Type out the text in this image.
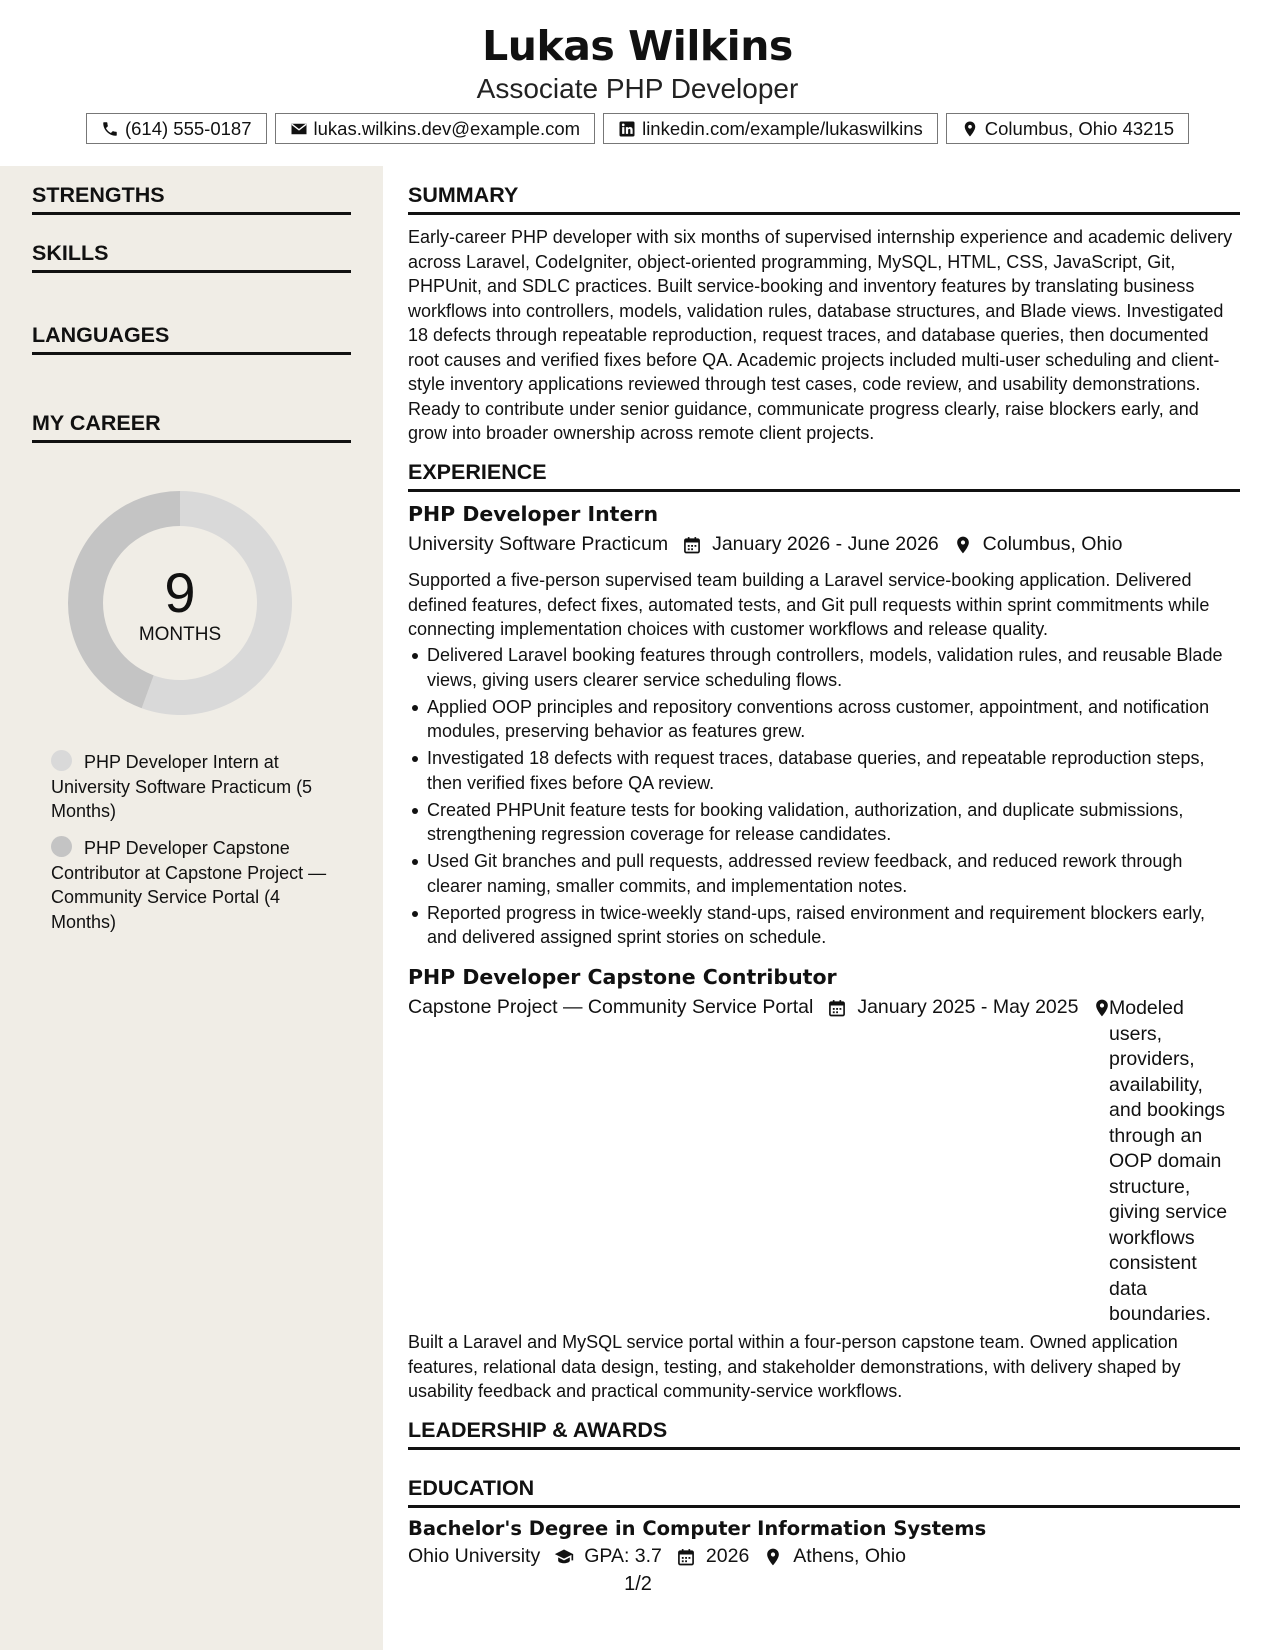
Lukas Wilkins
Associate PHP Developer
(614) 555-0187	lukas.wilkins.dev@example.com	linkedin.com/example/lukaswilkins	Columbus, Ohio 43215
STRENGTHS
SKILLS
LANGUAGES
MY CAREER
9
MONTHS
PHP Developer Intern at University Software Practicum (5 Months)
PHP Developer Capstone Contributor at Capstone Project — Community Service Portal (4 Months)
SUMMARY
Early-career PHP developer with six months of supervised internship experience and academic delivery across Laravel, CodeIgniter, object-oriented programming, MySQL, HTML, CSS, JavaScript, Git, PHPUnit, and SDLC practices. Built service-booking and inventory features by translating business workflows into controllers, models, validation rules, database structures, and Blade views. Investigated 18 defects through repeatable reproduction, request traces, and database queries, then documented root causes and verified fixes before QA. Academic projects included multi-user scheduling and client-style inventory applications reviewed through test cases, code review, and usability demonstrations. Ready to contribute under senior guidance, communicate progress clearly, raise blockers early, and grow into broader ownership across remote client projects.
EXPERIENCE
PHP Developer Intern
University Software Practicum January 2026 - June 2026 Columbus, Ohio
Supported a five-person supervised team building a Laravel service-booking application. Delivered defined features, defect fixes, automated tests, and Git pull requests within sprint commitments while connecting implementation choices with customer workflows and release quality.
Delivered Laravel booking features through controllers, models, validation rules, and reusable Blade views, giving users clearer service scheduling flows.
Applied OOP principles and repository conventions across customer, appointment, and notification modules, preserving behavior as features grew.
Investigated 18 defects with request traces, database queries, and repeatable reproduction steps, then verified fixes before QA review.
Created PHPUnit feature tests for booking validation, authorization, and duplicate submissions, strengthening regression coverage for release candidates.
Used Git branches and pull requests, addressed review feedback, and reduced rework through clearer naming, smaller commits, and implementation notes.
Reported progress in twice-weekly stand-ups, raised environment and requirement blockers early, and delivered assigned sprint stories on schedule.
PHP Developer Capstone Contributor
Capstone Project — Community Service Portal January 2025 - May 2025 Modeled users, providers, availability, and bookings through an OOP domain structure, giving service workflows consistent data boundaries.
Built a Laravel and MySQL service portal within a four-person capstone team. Owned application features, relational data design, testing, and stakeholder demonstrations, with delivery shaped by usability feedback and practical community-service workflows.
LEADERSHIP & AWARDS
EDUCATION
Bachelor's Degree in Computer Information Systems
Ohio University GPA: 3.7 2026 Athens, Ohio
1/2
